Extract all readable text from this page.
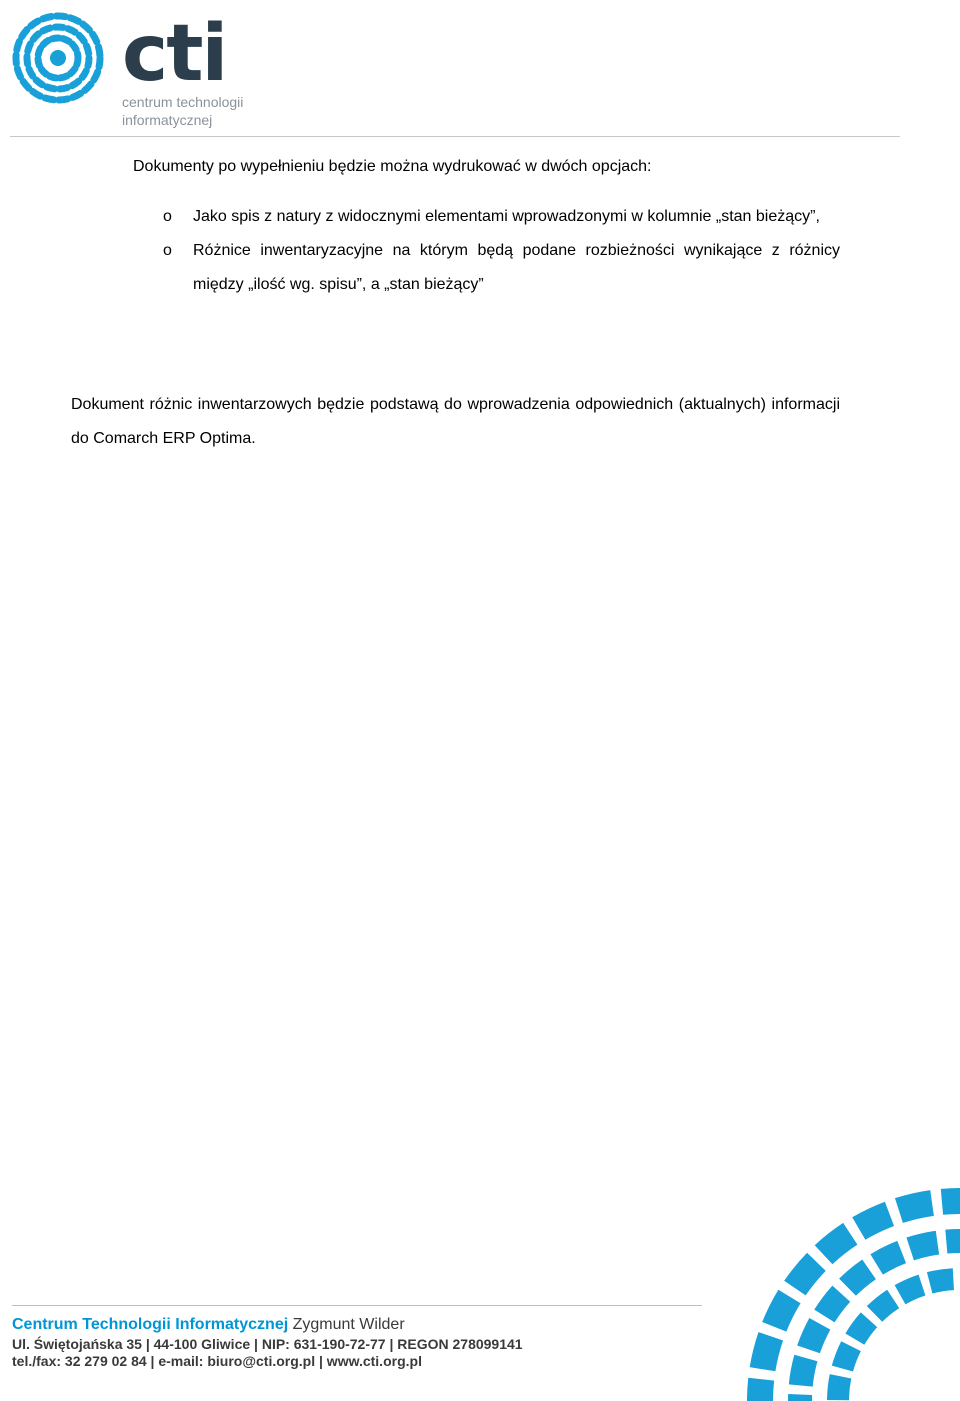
cti
centrum technologii
informatycznej
Dokumenty po wypełnieniu będzie można wydrukować w dwóch opcjach:
o Jako spis z natury z widocznymi elementami wprowadzonymi w kolumnie „stan bieżący”,
o Różnice inwentaryzacyjne na którym będą podane rozbieżności wynikające z różnicy między „ilość wg. spisu”, a „stan bieżący”
Dokument różnic inwentarzowych będzie podstawą do wprowadzenia odpowiednich (aktualnych) informacji do Comarch ERP Optima.
Centrum Technologii Informatycznej Zygmunt Wilder
Ul. Świętojańska 35 | 44-100 Gliwice | NIP: 631-190-72-77 | REGON 278099141
tel./fax: 32 279 02 84 | e-mail: biuro@cti.org.pl | www.cti.org.pl
